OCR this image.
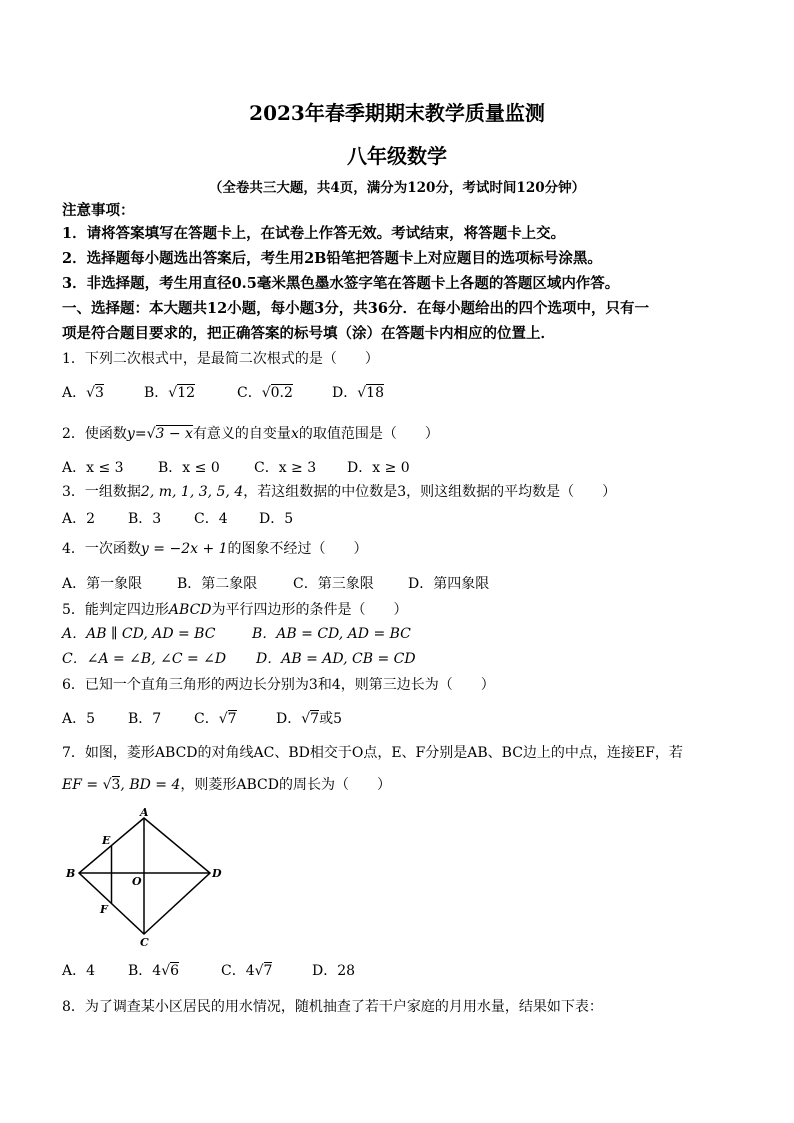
2023年春季期期末教学质量监测
八年级数学
（全卷共三大题，共4页，满分为120分，考试时间120分钟）
注意事项：
1．请将答案填写在答题卡上，在试卷上作答无效。考试结束，将答题卡上交。
2．选择题每小题选出答案后，考生用2B铅笔把答题卡上对应题目的选项标号涂黑。
3．非选择题，考生用直径0.5毫米黑色墨水签字笔在答题卡上各题的答题区域内作答。
一、选择题：本大题共12小题，每小题3分，共36分．在每小题给出的四个选项中，只有一
项是符合题目要求的，把正确答案的标号填（涂）在答题卡内相应的位置上．
1．下列二次根式中，是最简二次根式的是（　　）
A．√3	B．√12	C．√0.2	D．√18
2．使函数y=√3 − x有意义的自变量x的取值范围是（　　）
A．x ≤ 3 B．x ≤ 0 C．x ≥ 3 D．x ≥ 0
3．一组数据2, m, 1, 3, 5, 4，若这组数据的中位数是3，则这组数据的平均数是（　　）
A．2 B．3 C．4 D．5
4．一次函数y = −2x + 1的图象不经过（　　）
A．第一象限 B．第二象限	C．第三象限 D．第四象限
5．能判定四边形ABCD为平行四边形的条件是（　　）
A．AB ∥ CD, AD = BC	B．AB = CD, AD = BC
C．∠A = ∠B, ∠C = ∠D D．AB = AD, CB = CD
6．已知一个直角三角形的两边长分别为3和4，则第三边长为（　　）
A．5 B．7 C．√7	D．√7或5
7．如图，菱形ABCD的对角线AC、BD相交于O点，E、F分别是AB、BC边上的中点，连接EF，若
EF = √3, BD = 4，则菱形ABCD的周长为（　　）
A
B
C
D
E
F
O
A．4 B．4√6	C．4√7	D．28
8．为了调查某小区居民的用水情况，随机抽查了若干户家庭的月用水量，结果如下表：
